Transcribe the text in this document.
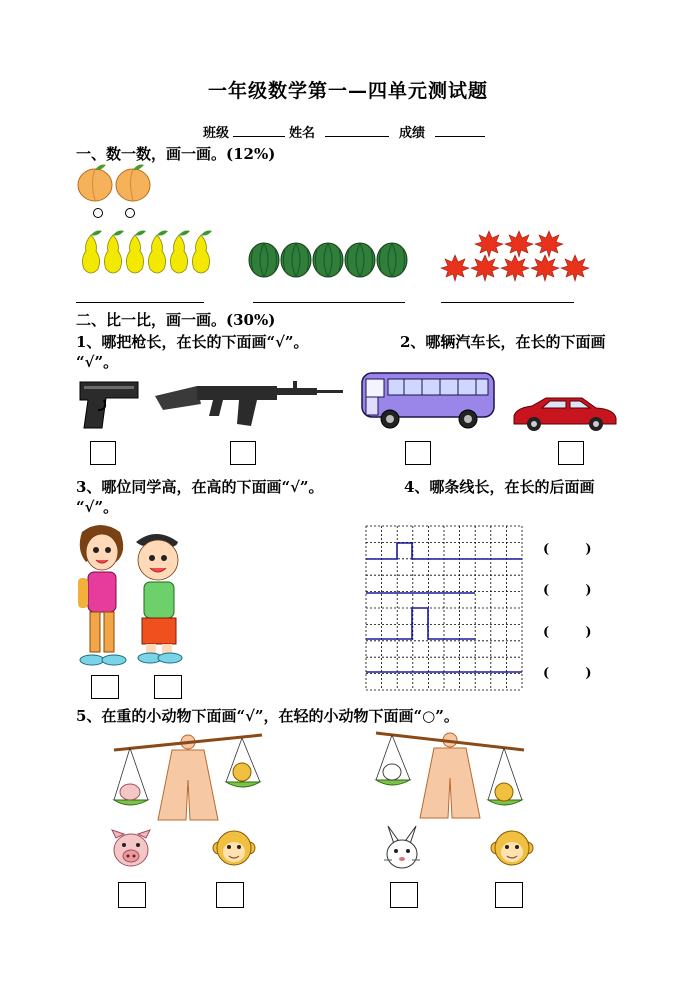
一年级数学第一—四单元测试题
班级	姓名	成绩
一、数一数，画一画。(12%)
二、比一比，画一画。(30%)
1、哪把枪长，在长的下面画“√”。	2、哪辆汽车长，在长的下面画
“√”。
3、哪位同学高，在高的下面画“√”。	4、哪条线长，在长的后面画
“√”。
(        )
(        )
(        )
(        )
5、在重的小动物下面画“√”，在轻的小动物下面画“○”。
